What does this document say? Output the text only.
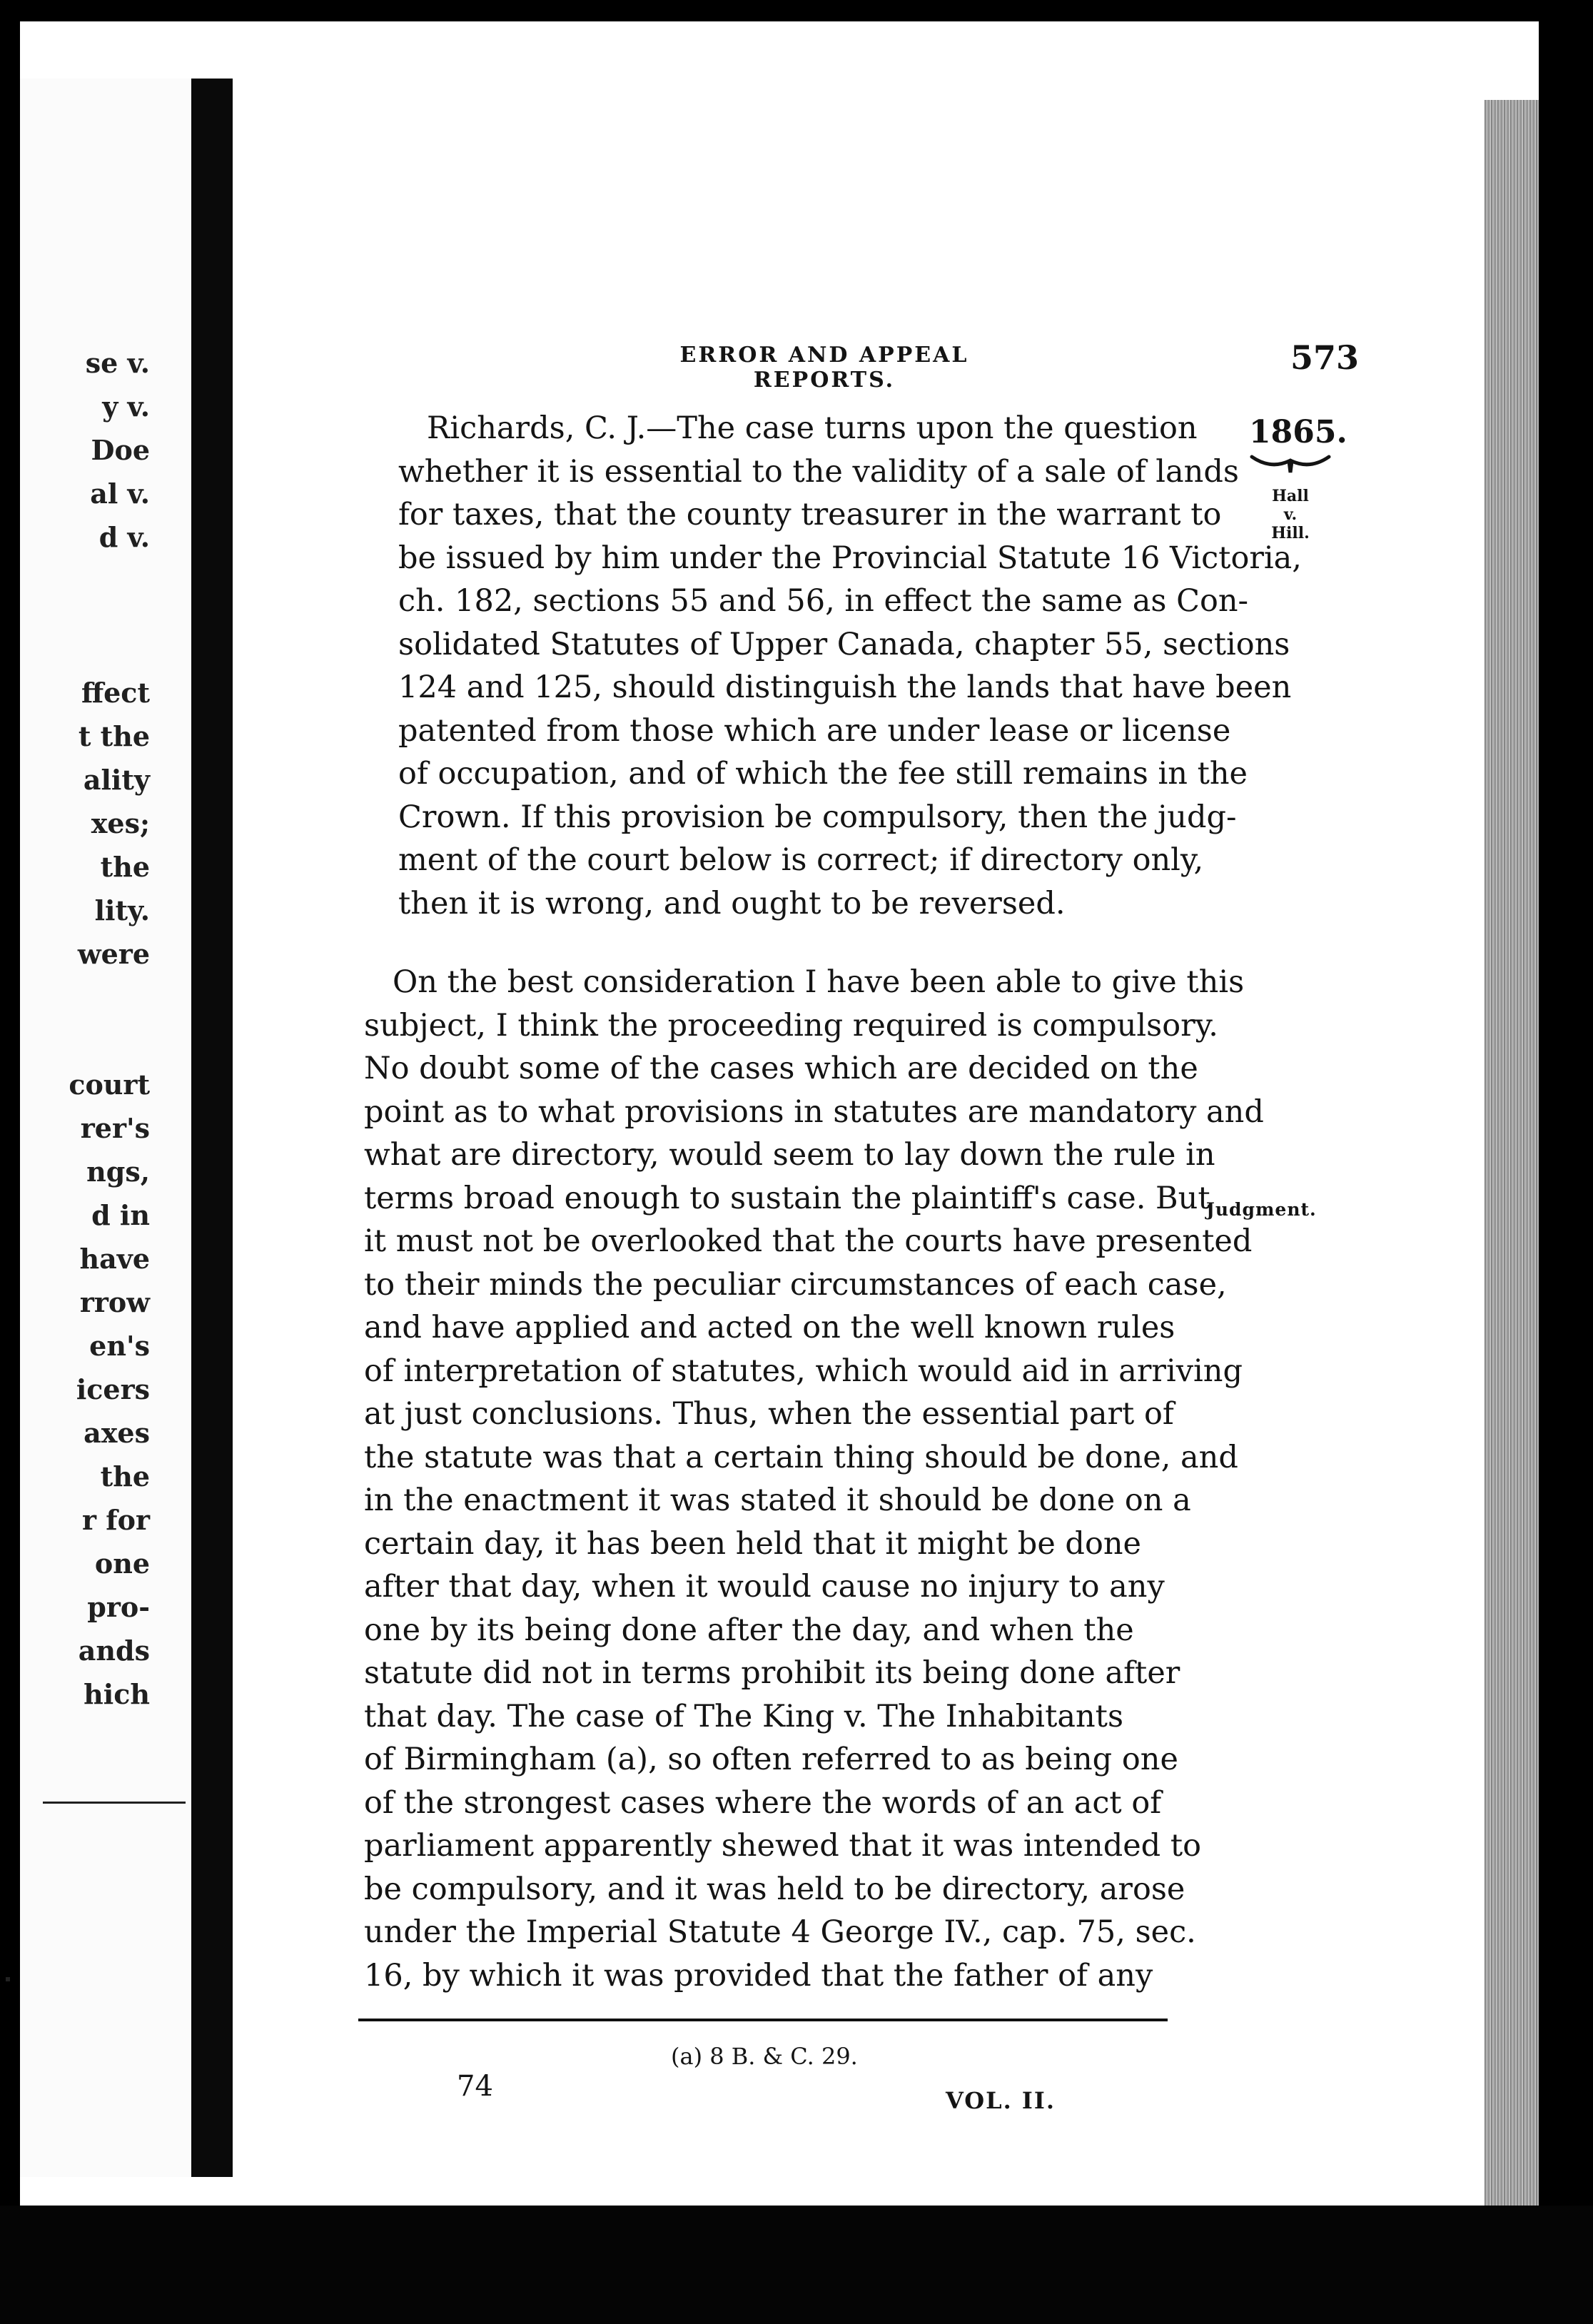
se v.
y v.
Doe
al v.
d v.
ffect
t the
ality
xes;
the
lity.
were

court
rer's
ngs,
d in
have
rrow
en's
icers
axes
the
r for
one
pro-
ands
hich
ERROR AND APPEAL REPORTS.
573
1865.
Hall
v.
Hill.
Judgment.
Richards, C. J.—The case turns upon the question
whether it is essential to the validity of a sale of lands
for taxes, that the county treasurer in the warrant to
be issued by him under the Provincial Statute 16 Victoria,
ch. 182, sections 55 and 56, in effect the same as Con-
solidated Statutes of Upper Canada, chapter 55, sections
124 and 125, should distinguish the lands that have been
patented from those which are under lease or license
of occupation, and of which the fee still remains in the
Crown. If this provision be compulsory, then the judg-
ment of the court below is correct; if directory only,
then it is wrong, and ought to be reversed.
On the best consideration I have been able to give this
subject, I think the proceeding required is compulsory.
No doubt some of the cases which are decided on the
point as to what provisions in statutes are mandatory and
what are directory, would seem to lay down the rule in
terms broad enough to sustain the plaintiff's case. But
it must not be overlooked that the courts have presented
to their minds the peculiar circumstances of each case,
and have applied and acted on the well known rules
of interpretation of statutes, which would aid in arriving
at just conclusions. Thus, when the essential part of
the statute was that a certain thing should be done, and
in the enactment it was stated it should be done on a
certain day, it has been held that it might be done
after that day, when it would cause no injury to any
one by its being done after the day, and when the
statute did not in terms prohibit its being done after
that day. The case of The King v. The Inhabitants
of Birmingham (a), so often referred to as being one
of the strongest cases where the words of an act of
parliament apparently shewed that it was intended to
be compulsory, and it was held to be directory, arose
under the Imperial Statute 4 George IV., cap. 75, sec.
16, by which it was provided that the father of any
(a) 8 B. & C. 29.
74	VOL. II.
